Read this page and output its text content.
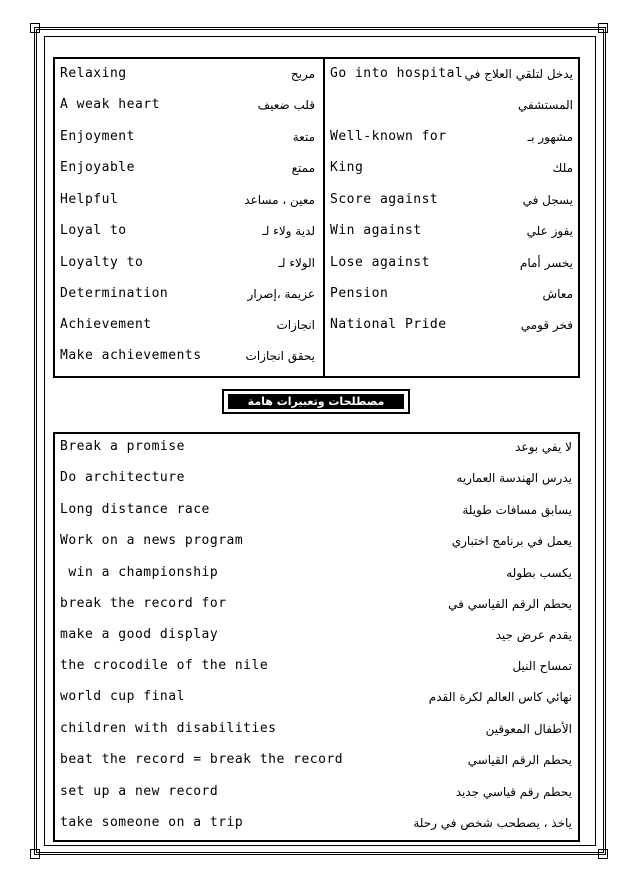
Relaxing	مريح
A weak heart	قلب ضعيف
Enjoyment	متعة
Enjoyable	ممتع
Helpful	معين ، مساعد
Loyal to	لدية ولاء لـ
Loyalty to	الولاء لـ
Determination	عزيمة ،إصرار
Achievement	انجازات
Make achievements	يحقق انجازات
Go into hospital يدخل لتلقي العلاج في
المستشفي
Well-known for	مشهور بـ
King	ملك
Score against	يسجل في
Win against	يفوز علي
Lose against	يخسر أمام
Pension	معاش
National Pride	فخر قومي
مصطلحات وتعبيرات هامة
Break a promise	لا يفي بوعد
Do architecture	يدرس الهندسة العماريه
Long distance race	يسابق مسافات طويلة
Work on a news program	يعمل في برنامج اختباري
win a championship	يكسب بطوله
break the record for	يحطم الرقم القياسي في
make a good display	يقدم عرض جيد
the crocodile of the nile	تمساح النيل
world cup final	نهائي كاس العالم لكرة القدم
children with disabilities	الأطفال المعوقين
beat the record = break the record	يحطم الرقم القياسي
set up a new record	يحطم رقم قياسي جديد
take someone on a trip	ياخذ ، يصطحب شخص في رحلة
